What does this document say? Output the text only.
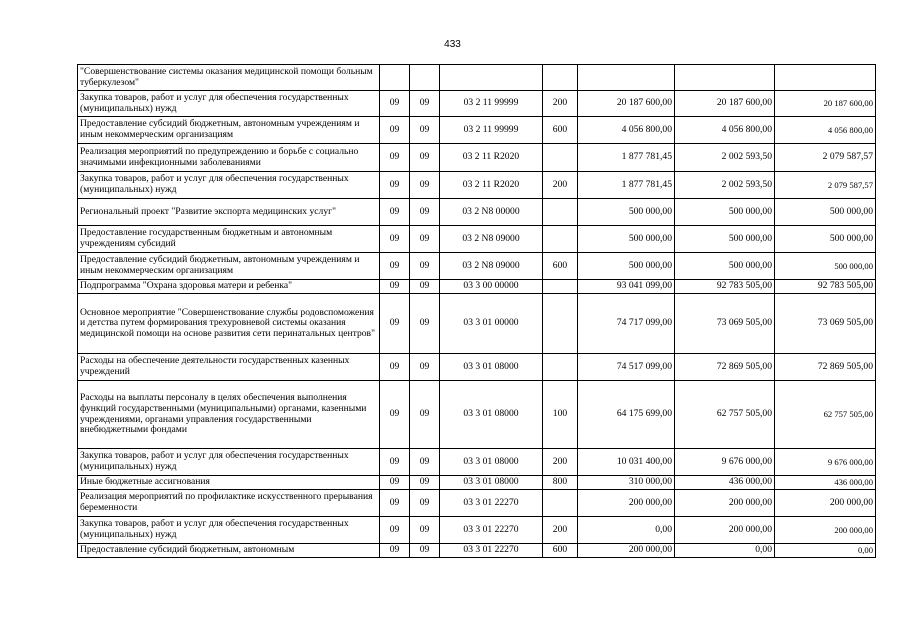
433
"Совершенствование системы оказания медицинской помощи больным туберкулезом"							
Закупка товаров, работ и услуг для обеспечения государственных (муниципальных) нужд	09	09	03 2 11 99999	200	20 187 600,00	20 187 600,00	20 187 600,00
Предоставление субсидий бюджетным, автономным учреждениям и иным некоммерческим организациям	09	09	03 2 11 99999	600	4 056 800,00	4 056 800,00	4 056 800,00
Реализация мероприятий по предупреждению и борьбе с социально значимыми инфекционными заболеваниями	09	09	03 2 11 R2020		1 877 781,45	2 002 593,50	2 079 587,57
Закупка товаров, работ и услуг для обеспечения государственных (муниципальных) нужд	09	09	03 2 11 R2020	200	1 877 781,45	2 002 593,50	2 079 587,57
Региональный проект "Развитие экспорта медицинских услуг"	09	09	03 2 N8 00000		500 000,00	500 000,00	500 000,00
Предоставление государственным бюджетным и автономным учреждениям субсидий	09	09	03 2 N8 09000		500 000,00	500 000,00	500 000,00
Предоставление субсидий бюджетным, автономным учреждениям и иным некоммерческим организациям	09	09	03 2 N8 09000	600	500 000,00	500 000,00	500 000,00
Подпрограмма "Охрана здоровья матери и ребенка"	09	09	03 3 00 00000		93 041 099,00	92 783 505,00	92 783 505,00
Основное мероприятие "Совершенствование службы родовспоможения и детства путем формирования трехуровневой системы оказания медицинской помощи на основе развития сети перинатальных центров"	09	09	03 3 01 00000		74 717 099,00	73 069 505,00	73 069 505,00
Расходы на обеспечение деятельности государственных казенных учреждений	09	09	03 3 01 08000		74 517 099,00	72 869 505,00	72 869 505,00
Расходы на выплаты персоналу в целях обеспечения выполнения функций государственными (муниципальными) органами, казенными учреждениями, органами управления государственными внебюджетными фондами	09	09	03 3 01 08000	100	64 175 699,00	62 757 505,00	62 757 505,00
Закупка товаров, работ и услуг для обеспечения государственных (муниципальных) нужд	09	09	03 3 01 08000	200	10 031 400,00	9 676 000,00	9 676 000,00
Иные бюджетные ассигнования	09	09	03 3 01 08000	800	310 000,00	436 000,00	436 000,00
Реализация мероприятий по профилактике искусственного прерывания беременности	09	09	03 3 01 22270		200 000,00	200 000,00	200 000,00
Закупка товаров, работ и услуг для обеспечения государственных (муниципальных) нужд	09	09	03 3 01 22270	200	0,00	200 000,00	200 000,00
Предоставление субсидий бюджетным, автономным	09	09	03 3 01 22270	600	200 000,00	0,00	0,00
